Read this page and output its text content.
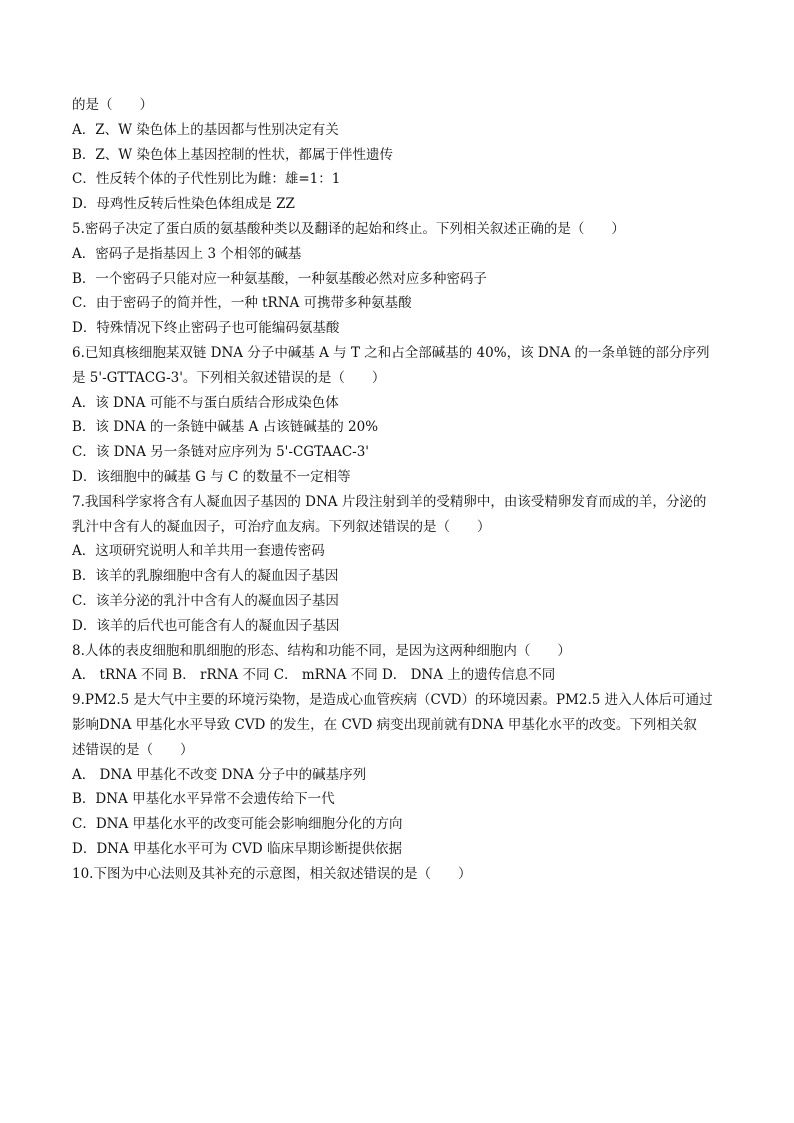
的是（　　）
A．Z、W 染色体上的基因都与性别决定有关
B．Z、W 染色体上基因控制的性状，都属于伴性遗传
C．性反转个体的子代性别比为雌：雄=1：1
D．母鸡性反转后性染色体组成是 ZZ
5.密码子决定了蛋白质的氨基酸种类以及翻译的起始和终止。下列相关叙述正确的是（　　）
A．密码子是指基因上 3 个相邻的碱基
B．一个密码子只能对应一种氨基酸，一种氨基酸必然对应多种密码子
C．由于密码子的简并性，一种 tRNA 可携带多种氨基酸
D．特殊情况下终止密码子也可能编码氨基酸
6.已知真核细胞某双链 DNA 分子中碱基 A 与 T 之和占全部碱基的 40%，该 DNA 的一条单链的部分序列
是 5'-GTTACG-3'。下列相关叙述错误的是（　　）
A．该 DNA 可能不与蛋白质结合形成染色体
B．该 DNA 的一条链中碱基 A 占该链碱基的 20%
C．该 DNA 另一条链对应序列为 5'-CGTAAC-3'
D．该细胞中的碱基 G 与 C 的数量不一定相等
7.我国科学家将含有人凝血因子基因的 DNA 片段注射到羊的受精卵中，由该受精卵发育而成的羊，分泌的
乳汁中含有人的凝血因子，可治疗血友病。下列叙述错误的是（　　）
A．这项研究说明人和羊共用一套遗传密码
B．该羊的乳腺细胞中含有人的凝血因子基因
C．该羊分泌的乳汁中含有人的凝血因子基因
D．该羊的后代也可能含有人的凝血因子基因
8.人体的表皮细胞和肌细胞的形态、结构和功能不同，是因为这两种细胞内（　　）
A． tRNA 不同 B． rRNA 不同 C． mRNA 不同 D． DNA 上的遗传信息不同
9.PM2.5 是大气中主要的环境污染物，是造成心血管疾病（CVD）的环境因素。PM2.5 进入人体后可通过
影响DNA 甲基化水平导致 CVD 的发生，在 CVD 病变出现前就有DNA 甲基化水平的改变。下列相关叙
述错误的是（　　）
A． DNA 甲基化不改变 DNA 分子中的碱基序列
B．DNA 甲基化水平异常不会遗传给下一代
C．DNA 甲基化水平的改变可能会影响细胞分化的方向
D．DNA 甲基化水平可为 CVD 临床早期诊断提供依据
10.下图为中心法则及其补充的示意图，相关叙述错误的是（　　）
